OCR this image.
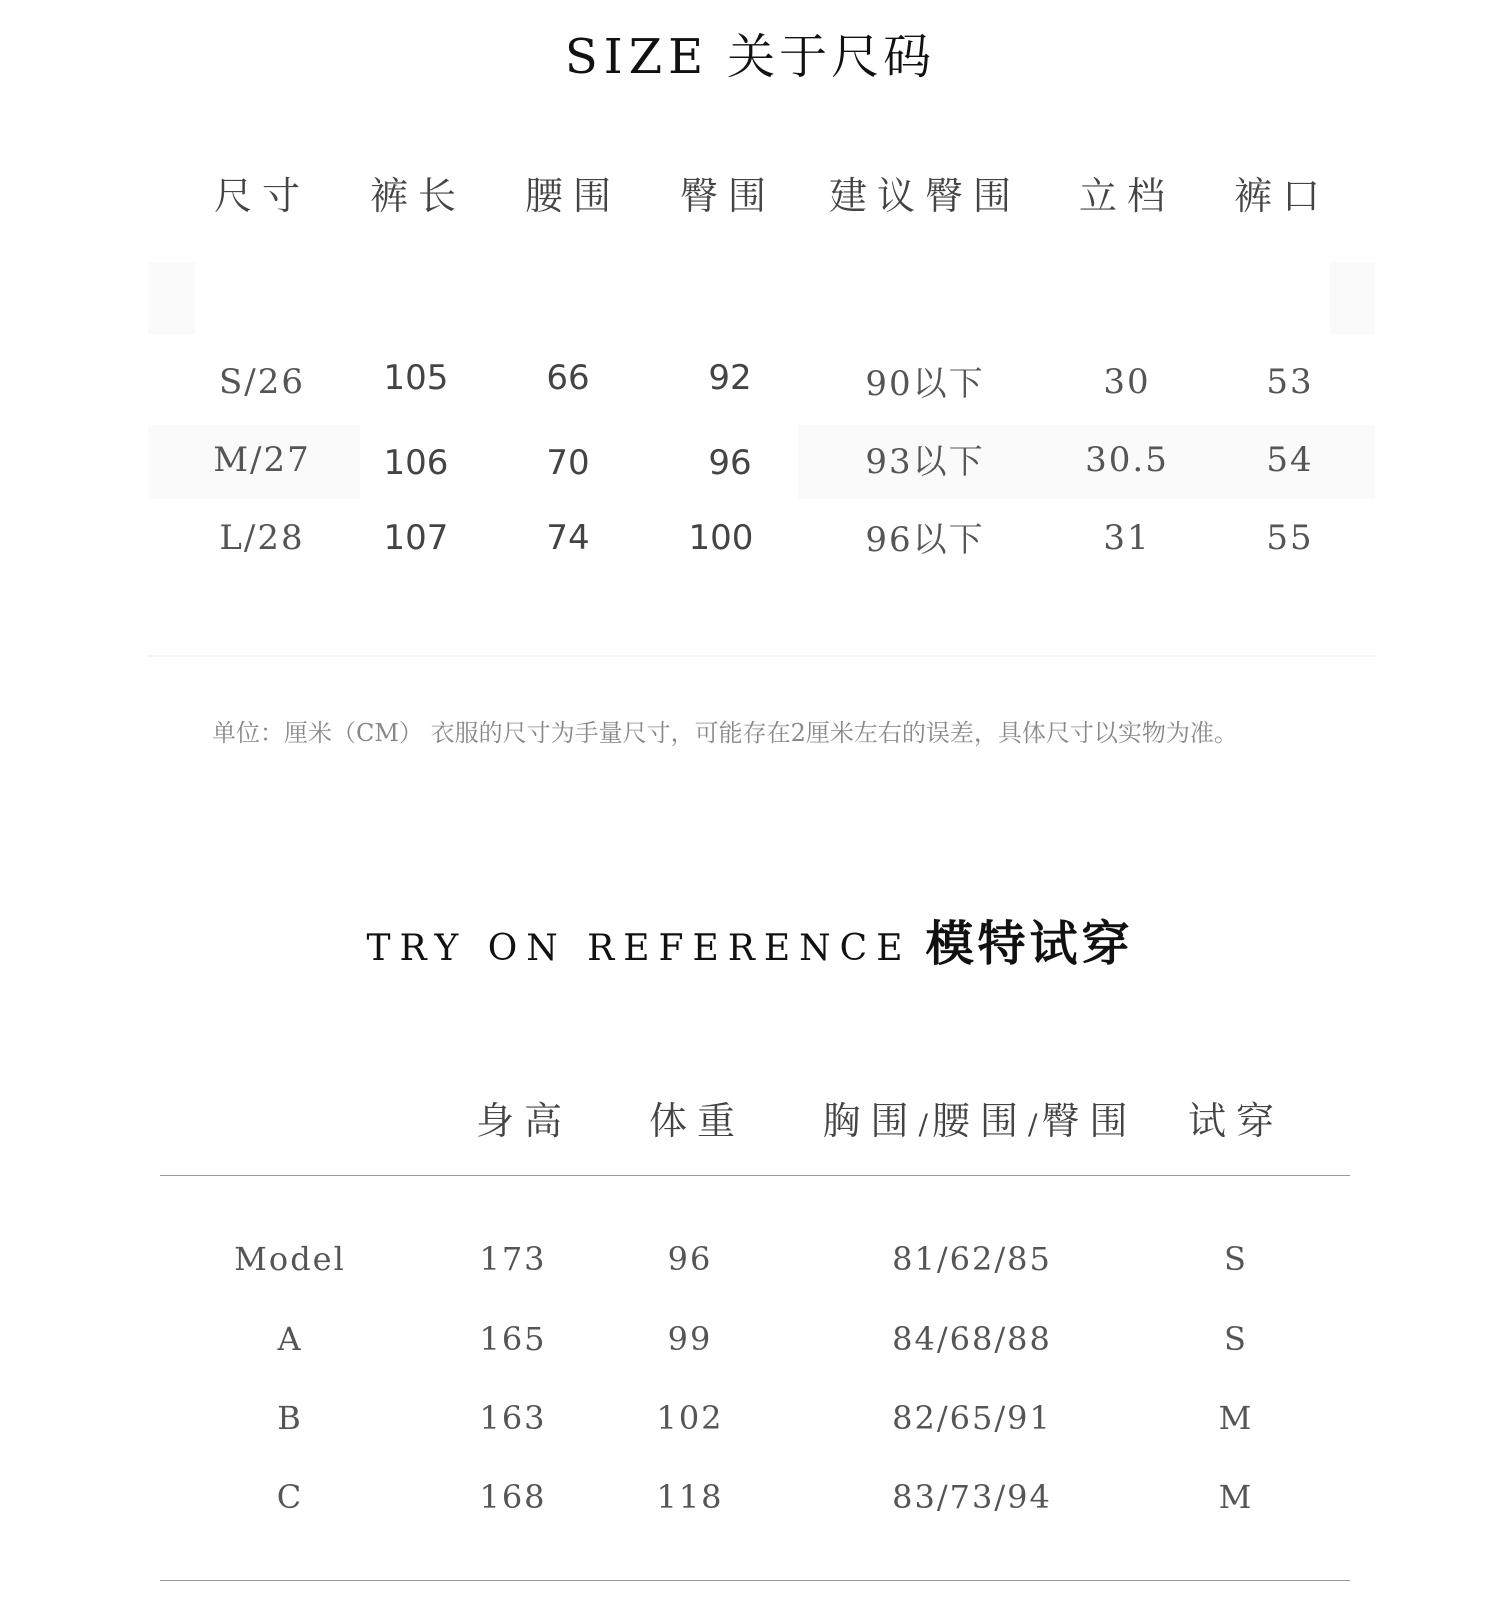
SIZE 关于尺码
尺寸 裤长 腰围 臀围 建议臀围 立档 裤口
S/26 105	66	92	90以下	30	53
M/27 106	70	96	93以下	30.5	54
L/28 107	74	100	96以下	31	55
单位：厘米（CM） 衣服的尺寸为手量尺寸，可能存在2厘米左右的误差，具体尺寸以实物为准。
TRY ON REFERENCE 模特试穿
身高 体重 胸围/腰围/臀围 试穿
Model	173	96	81/62/85	S
A	165	99	84/68/88	S
B	163	102	82/65/91	M
C	168	118	83/73/94	M
